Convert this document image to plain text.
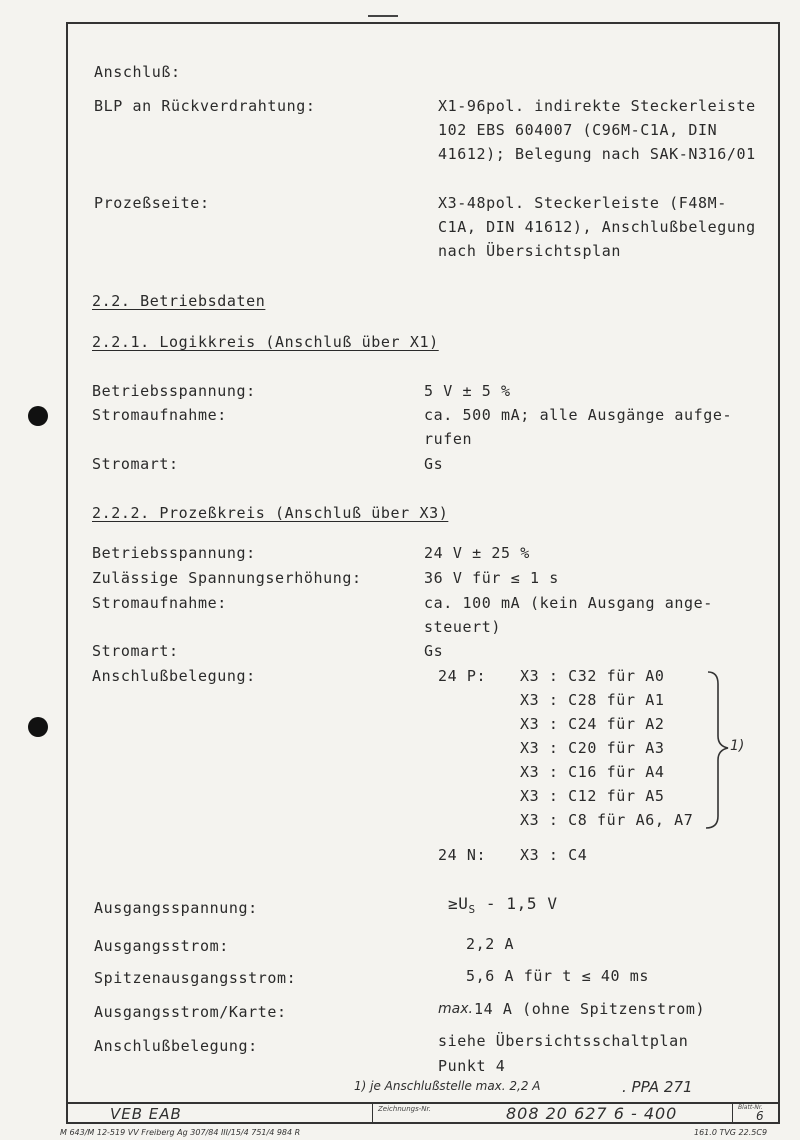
Anschluß:
BLP an Rückverdrahtung:	X1-96pol. indirekte Steckerleiste
102 EBS 604007 (C96M-C1A, DIN
41612); Belegung nach SAK-N316/01
Prozeßseite:	X3-48pol. Steckerleiste (F48M-
C1A, DIN 41612), Anschlußbelegung
nach Übersichtsplan
2.2. Betriebsdaten
2.2.1. Logikkreis (Anschluß über X1)
Betriebsspannung:	5 V ± 5 %
Stromaufnahme:	ca. 500 mA; alle Ausgänge aufge-
rufen
Stromart:	Gs
2.2.2. Prozeßkreis (Anschluß über X3)
Betriebsspannung:	24 V ± 25 %
Zulässige Spannungserhöhung:	36 V für ≤ 1 s
Stromaufnahme:	ca. 100 mA (kein Ausgang ange-
steuert)
Stromart:	Gs
Anschlußbelegung:	24 P: X3 : C32 für A0
X3 : C28 für A1
X3 : C24 für A2
X3 : C20 für A3
X3 : C16 für A4
X3 : C12 für A5
X3 : C8 für A6, A7
1)
24 N: X3 : C4
Ausgangsspannung:	$\ge U_S - 1,5$ V
Ausgangsstrom:	2,2 A
Spitzenausgangsstrom:	5,6 A für t ≤ 40 ms
Ausgangsstrom/Karte:	max. 14 A (ohne Spitzenstrom)
Anschlußbelegung:	siehe Übersichtsschaltplan
Punkt 4
1) je Anschlußstelle max. 2,2 A	. PPA 271
VEB EAB	Zeichnungs-Nr.	808 20 627 6 - 400	Blatt-Nr.
6
M 643/M 12-519 VV Freiberg Ag 307/84 III/15/4 751/4 984 R	161.0 TVG 22.5C9
